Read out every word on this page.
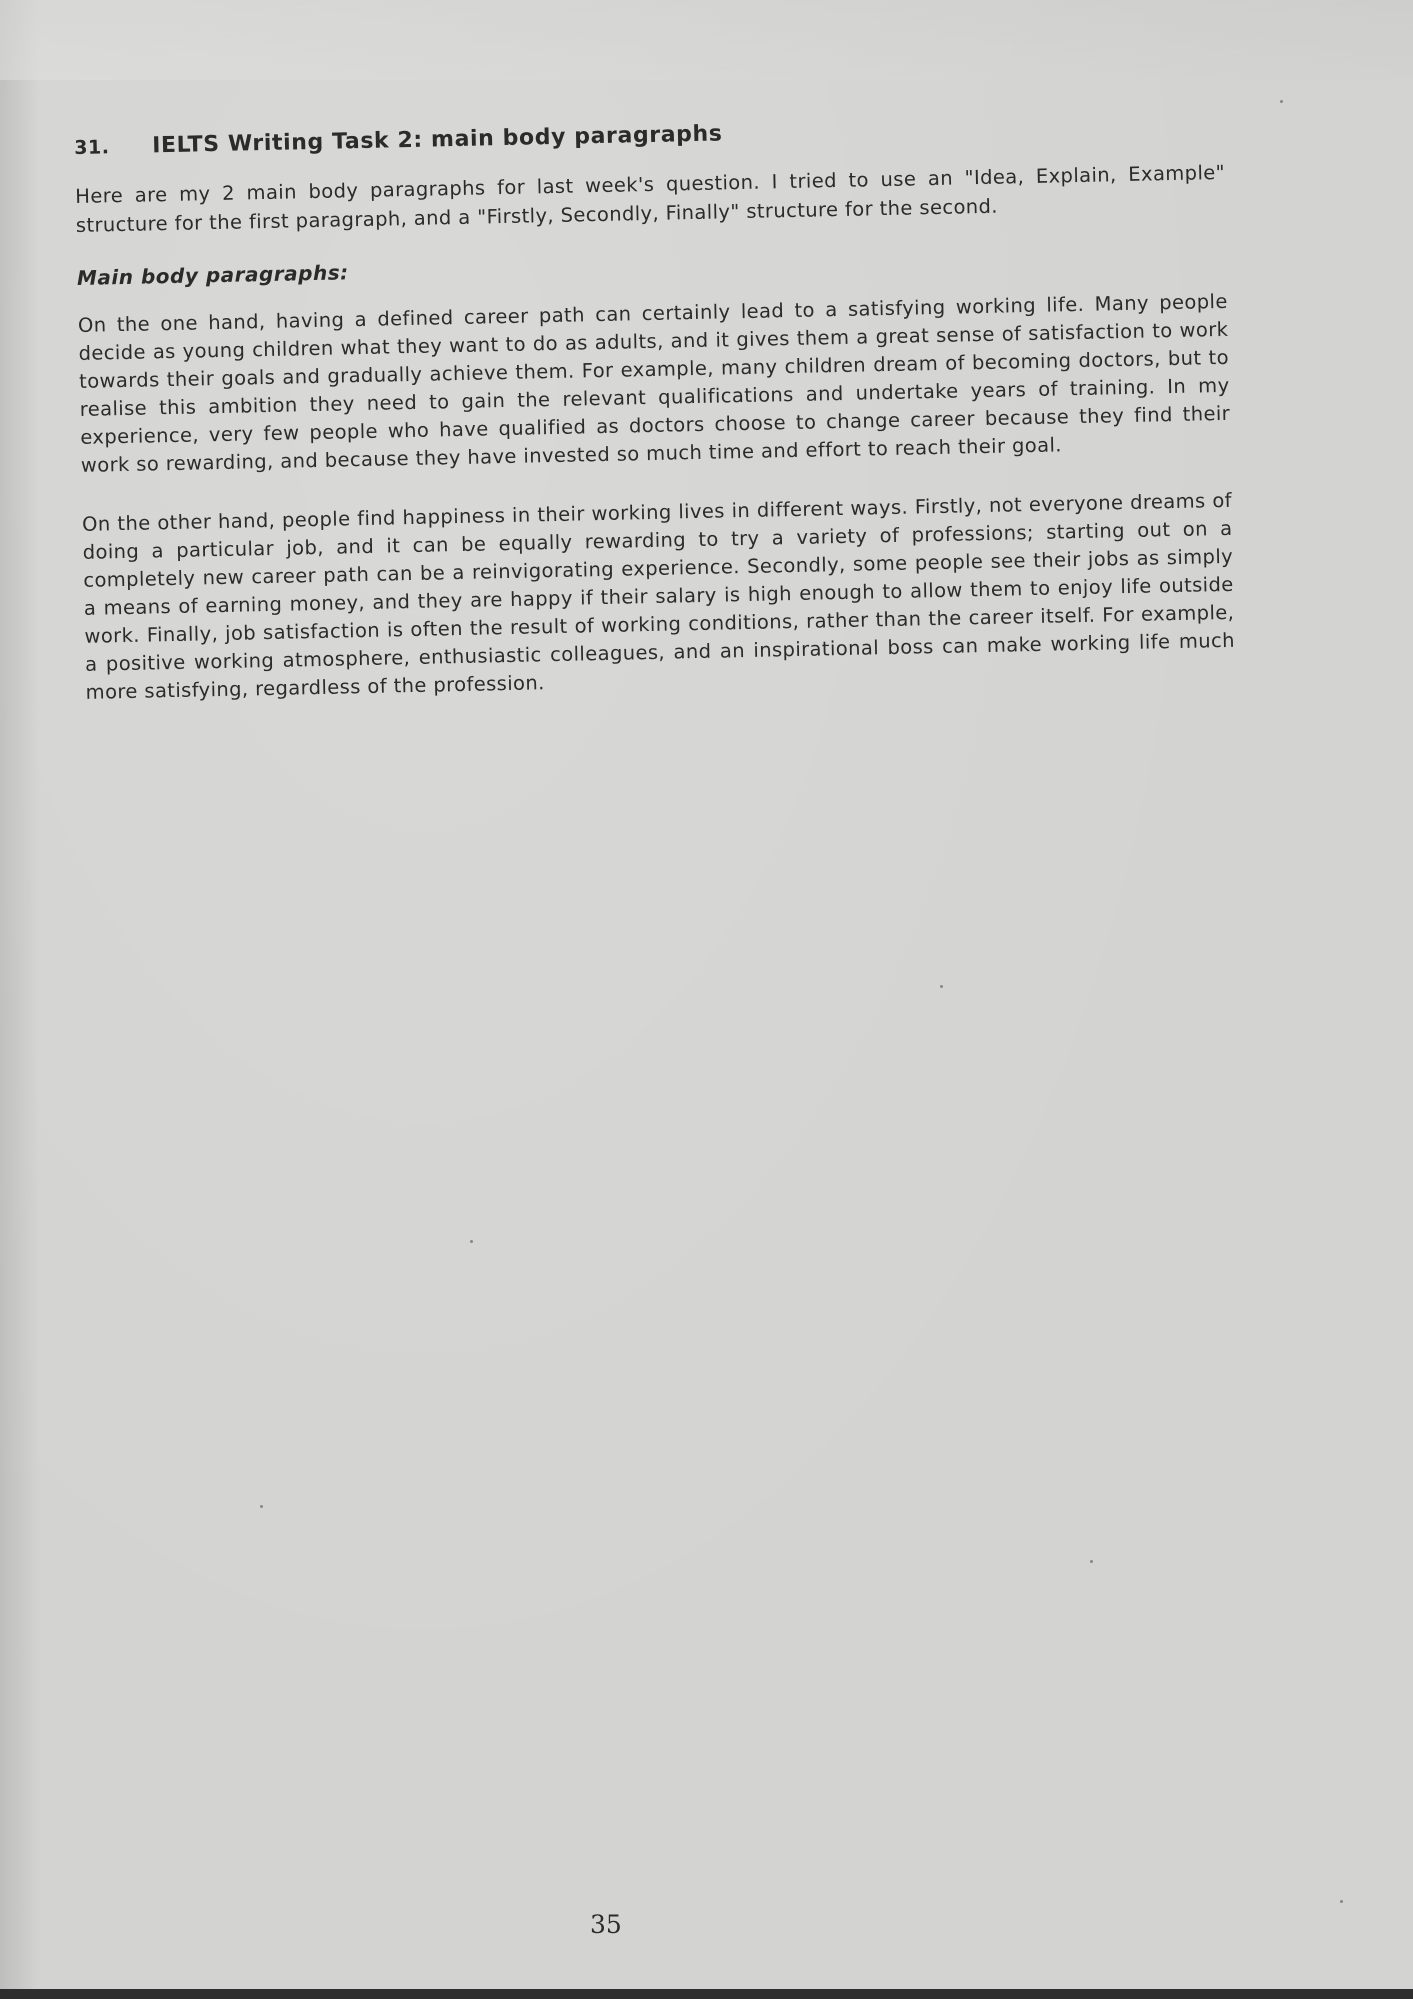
31.	IELTS Writing Task 2: main body paragraphs

Here are my 2 main body paragraphs for last week's question. I tried to use an "Idea, Explain, Example" structure for the first paragraph, and a "Firstly, Secondly, Finally" structure for the second.

Main body paragraphs:

On the one hand, having a defined career path can certainly lead to a satisfying working life. Many people decide as young children what they want to do as adults, and it gives them a great sense of satisfaction to work towards their goals and gradually achieve them. For example, many children dream of becoming doctors, but to realise this ambition they need to gain the relevant qualifications and undertake years of training. In my experience, very few people who have qualified as doctors choose to change career because they find their work so rewarding, and because they have invested so much time and effort to reach their goal.

On the other hand, people find happiness in their working lives in different ways. Firstly, not everyone dreams of doing a particular job, and it can be equally rewarding to try a variety of professions; starting out on a completely new career path can be a reinvigorating experience. Secondly, some people see their jobs as simply a means of earning money, and they are happy if their salary is high enough to allow them to enjoy life outside work. Finally, job satisfaction is often the result of working conditions, rather than the career itself. For example, a positive working atmosphere, enthusiastic colleagues, and an inspirational boss can make working life much more satisfying, regardless of the profession.

35
